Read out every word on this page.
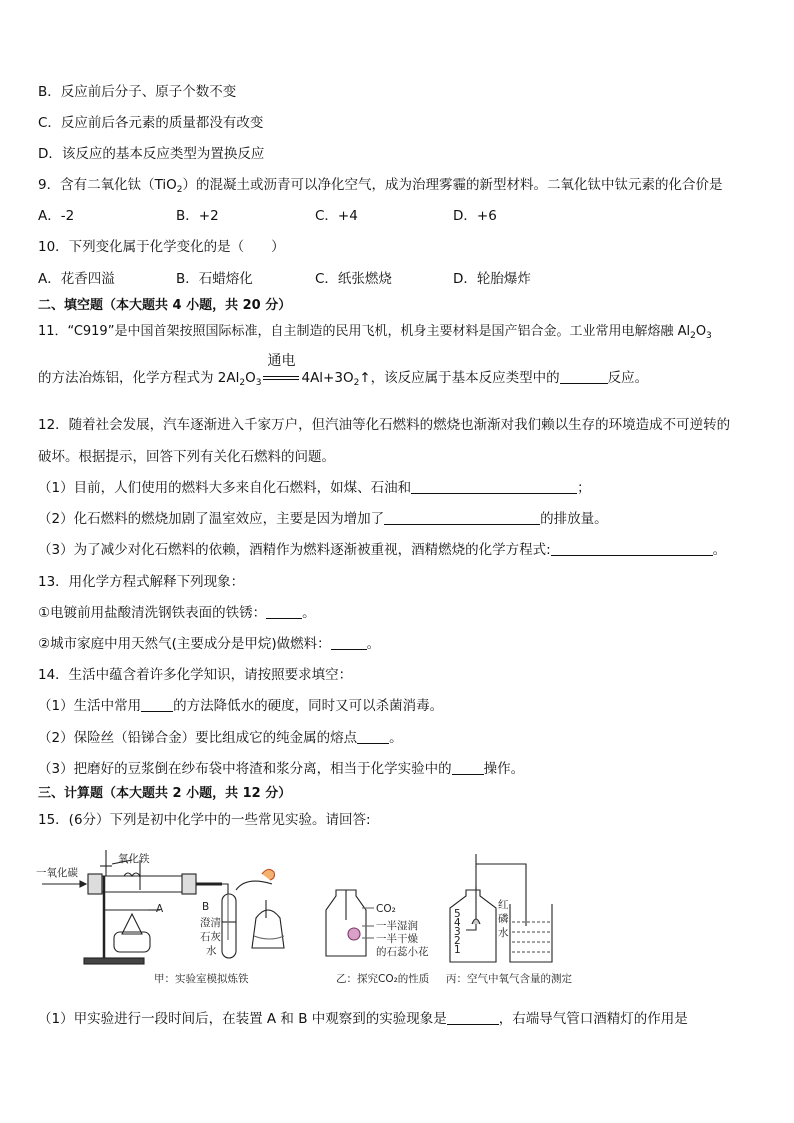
B．反应前后分子、原子个数不变
C．反应前后各元素的质量都没有改变
D．该反应的基本反应类型为置换反应
9．含有二氧化钛（TiO$_2$）的混凝土或沥青可以净化空气，成为治理雾霾的新型材料。二氧化钛中钛元素的化合价是
A．-2	B．+2	C．+4	D．+6
10．下列变化属于化学变化的是（　　）
A．花香四溢	B．石蜡熔化	C．纸张燃烧	D．轮胎爆炸
二、填空题（本大题共 4 小题，共 20 分）
11．“C919”是中国首架按照国际标准，自主制造的民用飞机，机身主要材料是国产铝合金。工业常用电解熔融 $Al_2O_3$
的方法冶炼铝，化学方程式为 $2Al_2O_3$
通电
$4Al+3O_2↑$，该反应属于基本反应类型中的	反应。
12．随着社会发展，汽车逐渐进入千家万户，但汽油等化石燃料的燃烧也渐渐对我们赖以生存的环境造成不可逆转的
破坏。根据提示，回答下列有关化石燃料的问题。
（1）目前，人们使用的燃料大多来自化石燃料，如煤、石油和	；
（2）化石燃料的燃烧加剧了温室效应，主要是因为增加了	的排放量。
（3）为了减少对化石燃料的依赖，酒精作为燃料逐渐被重视，酒精燃烧的化学方程式:	。
13．用化学方程式解释下列现象：
①电镀前用盐酸清洗钢铁表面的铁锈：	。
②城市家庭中用天然气(主要成分是甲烷)做燃料：	。
14．生活中蕴含着许多化学知识，请按照要求填空：
（1）生活中常用 的方法降低水的硬度，同时又可以杀菌消毒。
（2）保险丝（铅锑合金）要比组成它的纯金属的熔点 。
（3）把磨好的豆浆倒在纱布袋中将渣和浆分离，相当于化学实验中的 操作。
三、计算题（本大题共 2 小题，共 12 分）
15．(6分）下列是初中化学中的一些常见实验。请回答:
一氧化碳
氧化铁
A	B
澄清
石灰
水
甲：实验室模拟炼铁
CO₂
一半湿润
一半干燥
的石蕊小花
乙：探究CO₂的性质
5
4
3
2
1
红
磷
水
丙：空气中氧气含量的测定
（1）甲实验进行一段时间后，在装置 A 和 B 中观察到的实验现象是	，右端导气管口酒精灯的作用是
